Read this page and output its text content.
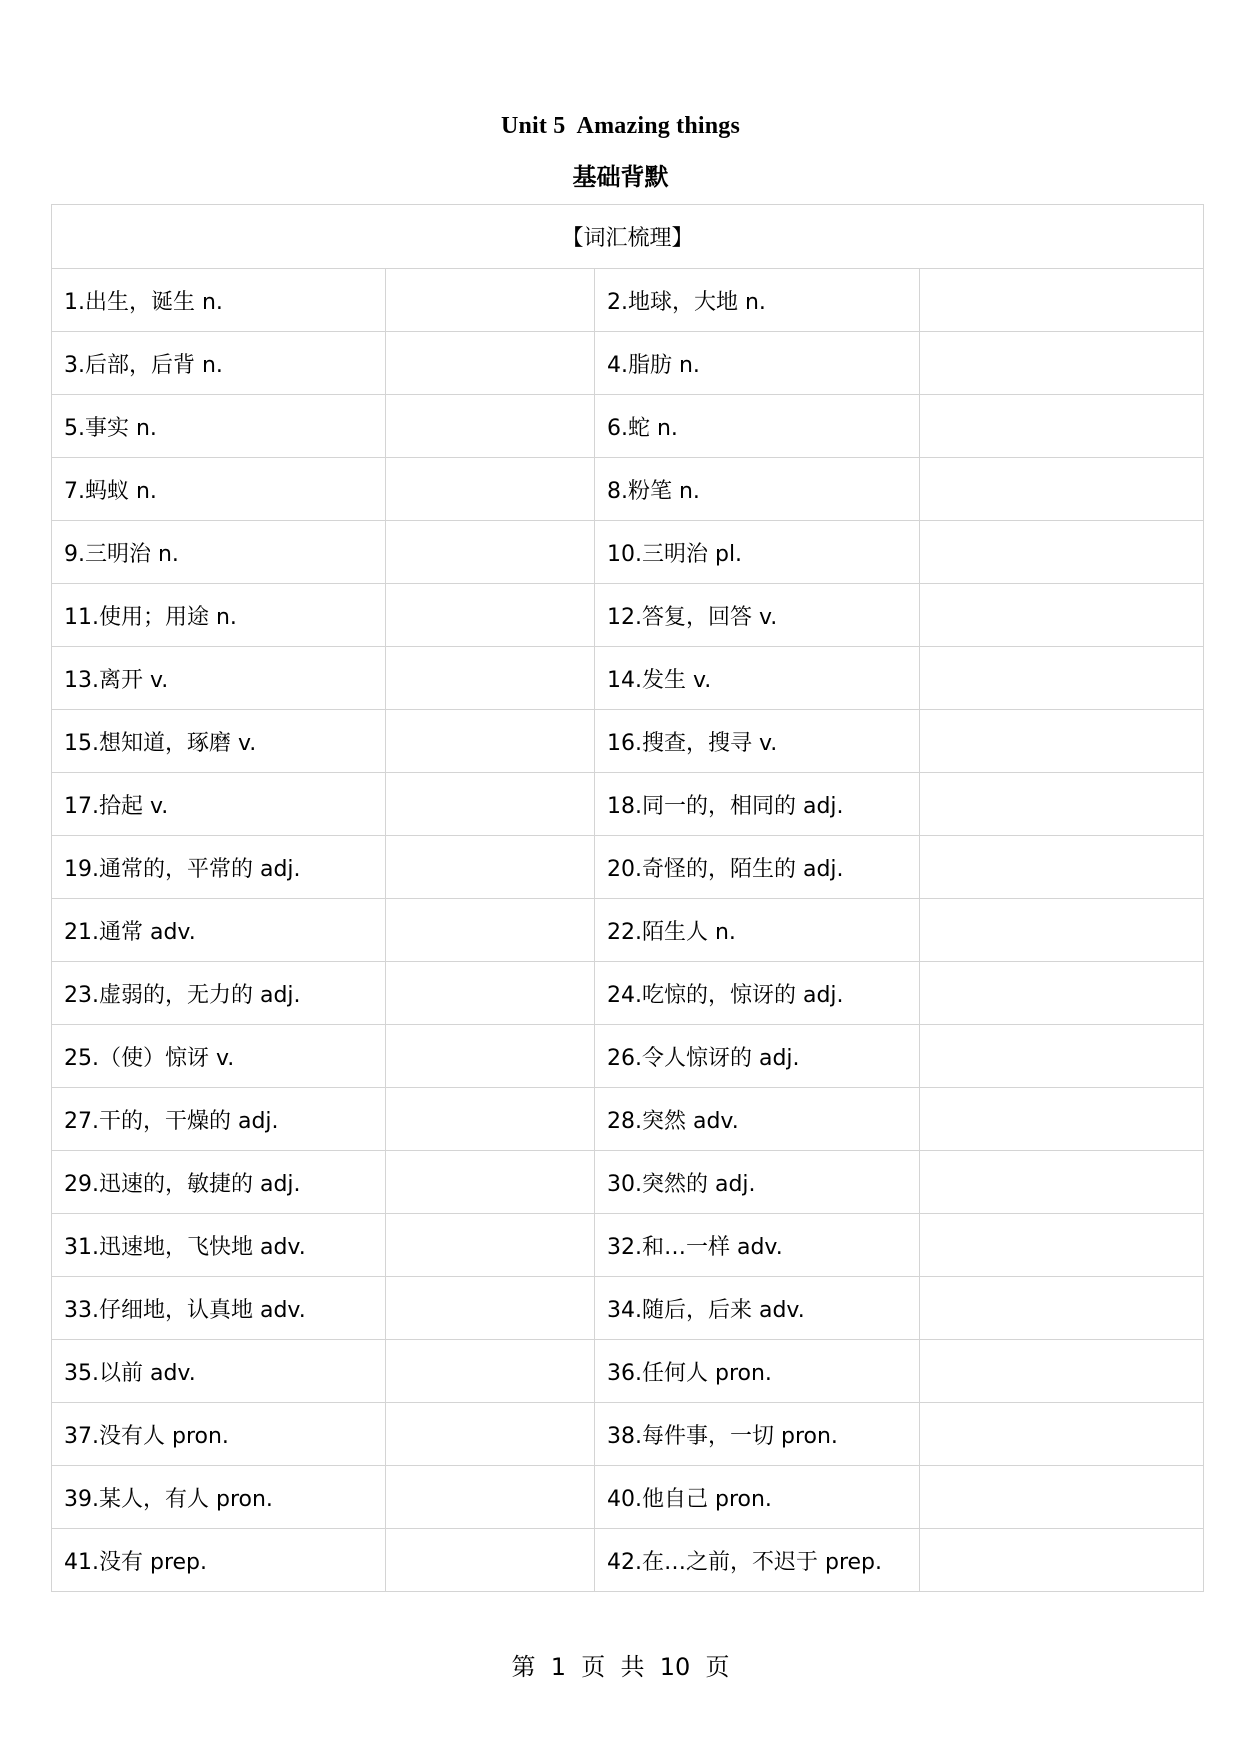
Unit 5  Amazing things
基础背默
【词汇梳理】			
1.出生，诞生 n.		2.地球，大地 n.	
3.后部，后背 n.		4.脂肪 n.	
5.事实 n.		6.蛇 n.	
7.蚂蚁 n.		8.粉笔 n.	
9.三明治 n.		10.三明治 pl.	
11.使用；用途 n.		12.答复，回答 v.	
13.离开 v.		14.发生 v.	
15.想知道，琢磨 v.		16.搜查，搜寻 v.	
17.拾起 v.		18.同一的，相同的 adj.	
19.通常的，平常的 adj.		20.奇怪的，陌生的 adj.	
21.通常 adv.		22.陌生人 n.	
23.虚弱的，无力的 adj.		24.吃惊的，惊讶的 adj.	
25.（使）惊讶 v.		26.令人惊讶的 adj.	
27.干的，干燥的 adj.		28.突然 adv.	
29.迅速的，敏捷的 adj.		30.突然的 adj.	
31.迅速地，飞快地 adv.		32.和…一样 adv.	
33.仔细地，认真地 adv.		34.随后，后来 adv.	
35.以前 adv.		36.任何人 pron.	
37.没有人 pron.		38.每件事，一切 pron.	
39.某人，有人 pron.		40.他自己 pron.	
41.没有 prep.		42.在…之前，不迟于 prep.	
第  1  页  共  10  页
